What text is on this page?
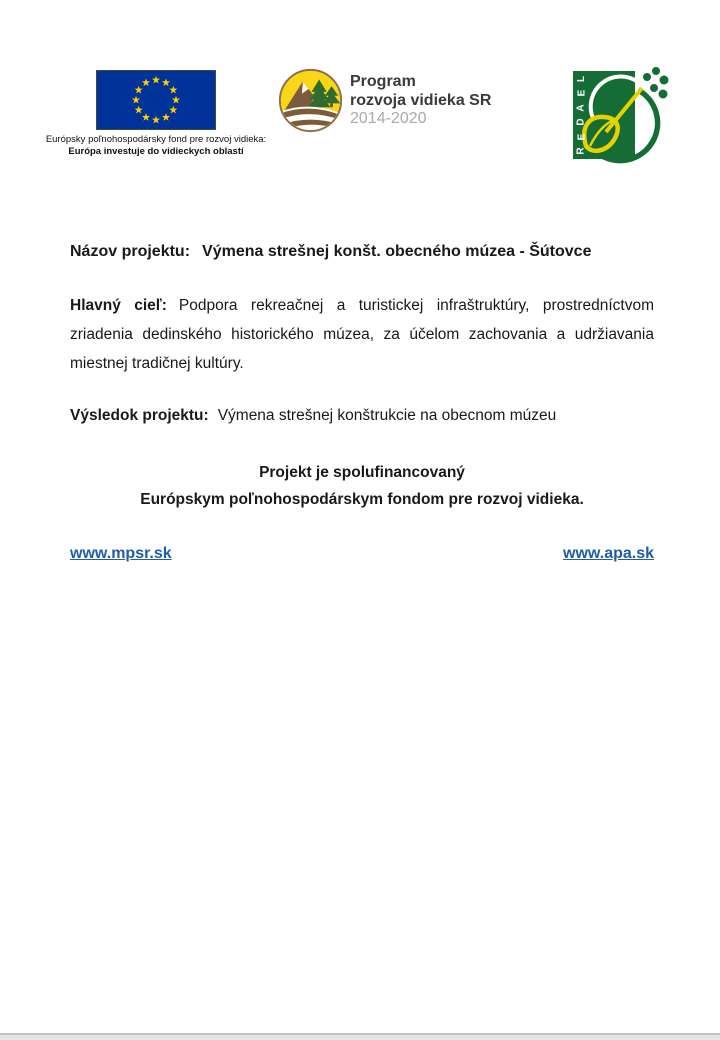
Európsky poľnohospodársky fond pre rozvoj vidieka:
Európa investuje do vidieckych oblastí
Program
rozvoja vidieka SR
2014-2020
L
E
A
D
E
R
Názov projektu: Výmena strešnej konšt. obecného múzea - Šútovce
Hlavný cieľ: Podpora rekreačnej a turistickej infraštruktúry, prostredníctvom zriadenia dedinského historického múzea, za účelom zachovania a udržiavania miestnej tradičnej kultúry.
Výsledok projektu: Výmena strešnej konštrukcie na obecnom múzeu
Projekt je spolufinancovaný
Európskym poľnohospodárskym fondom pre rozvoj vidieka.
www.mpsr.sk	www.apa.sk
